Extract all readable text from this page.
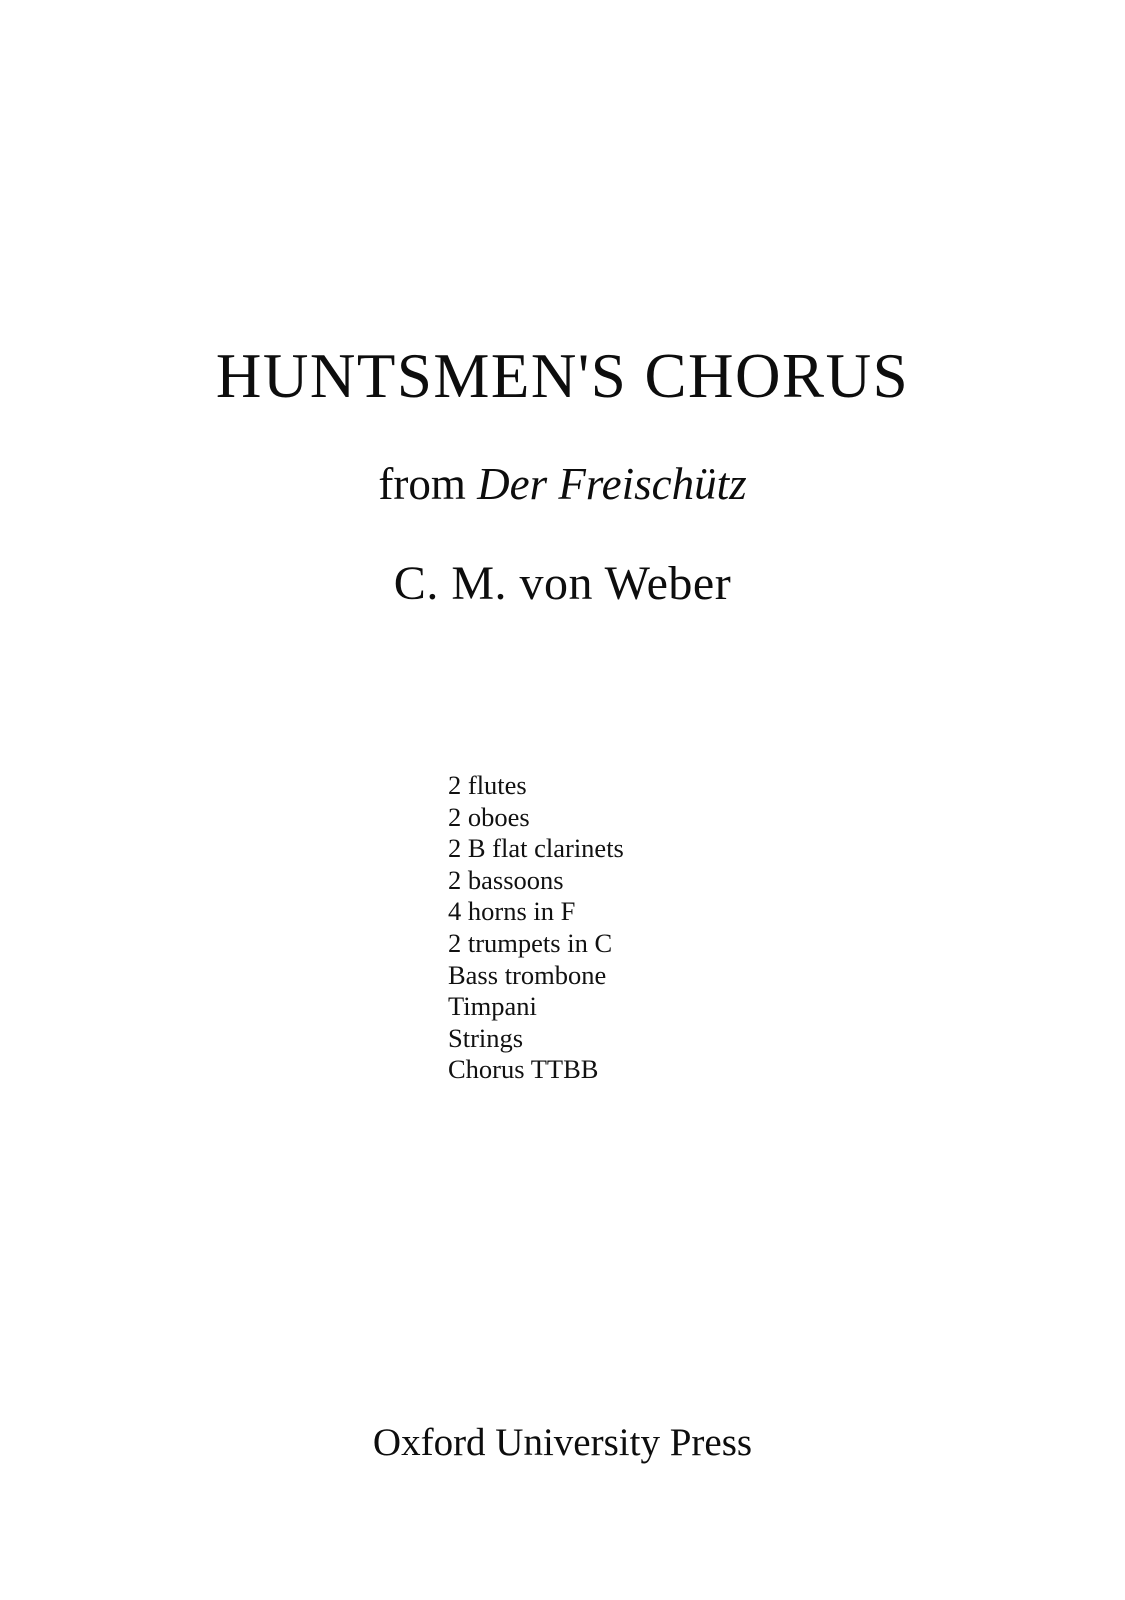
HUNTSMEN'S CHORUS

from Der Freischütz

C. M. von Weber

2 flutes
2 oboes
2 B flat clarinets
2 bassoons
4 horns in F
2 trumpets in C
Bass trombone
Timpani
Strings
Chorus TTBB
Oxford University Press
